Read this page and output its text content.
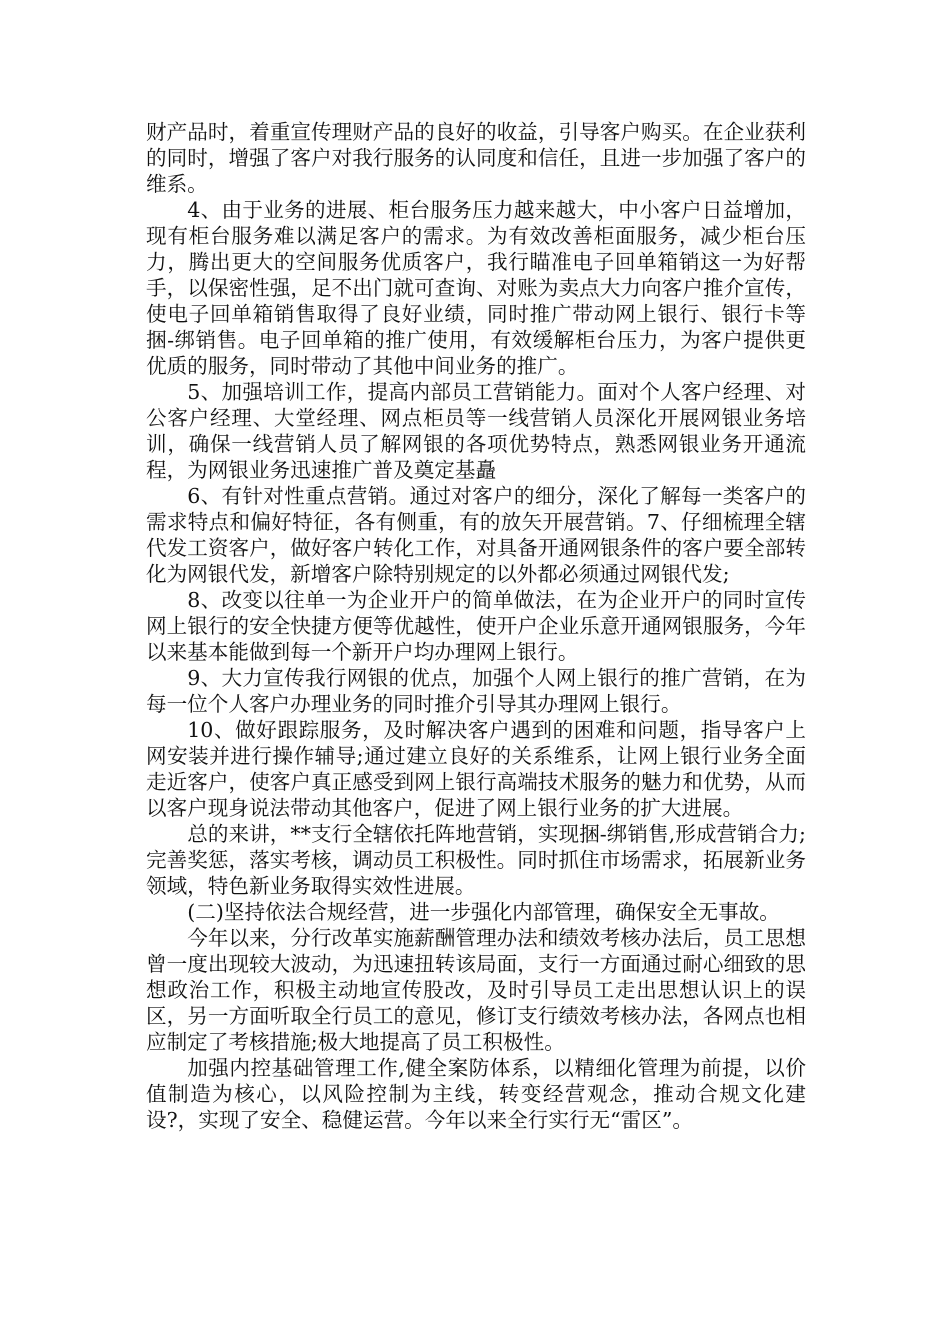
财产品时，着重宣传理财产品的良好的收益，引导客户购买。在企业获利的同时，增强了客户对我行服务的认同度和信任，且进一步加强了客户的维系。

4、由于业务的进展、柜台服务压力越来越大，中小客户日益增加，现有柜台服务难以满足客户的需求。为有效改善柜面服务，减少柜台压力，腾出更大的空间服务优质客户，我行瞄准电子回单箱销这一为好帮手，以保密性强，足不出门就可查询、对账为卖点大力向客户推介宣传，使电子回单箱销售取得了良好业绩，同时推广带动网上银行、银行卡等捆-绑销售。电子回单箱的推广使用，有效缓解柜台压力，为客户提供更优质的服务，同时带动了其他中间业务的推广。

5、加强培训工作，提高内部员工营销能力。面对个人客户经理、对公客户经理、大堂经理、网点柜员等一线营销人员深化开展网银业务培训，确保一线营销人员了解网银的各项优势特点，熟悉网银业务开通流程，为网银业务迅速推广普及奠定基矗

6、有针对性重点营销。通过对客户的细分，深化了解每一类客户的需求特点和偏好特征，各有侧重，有的放矢开展营销。7、仔细梳理全辖代发工资客户，做好客户转化工作，对具备开通网银条件的客户要全部转化为网银代发，新增客户除特别规定的以外都必须通过网银代发;

8、改变以往单一为企业开户的简单做法，在为企业开户的同时宣传网上银行的安全快捷方便等优越性，使开户企业乐意开通网银服务，今年以来基本能做到每一个新开户均办理网上银行。

9、大力宣传我行网银的优点，加强个人网上银行的推广营销，在为每一位个人客户办理业务的同时推介引导其办理网上银行。

10、做好跟踪服务，及时解决客户遇到的困难和问题，指导客户上网安装并进行操作辅导;通过建立良好的关系维系，让网上银行业务全面走近客户，使客户真正感受到网上银行高端技术服务的魅力和优势，从而以客户现身说法带动其他客户，促进了网上银行业务的扩大进展。

总的来讲，**支行全辖依托阵地营销，实现捆-绑销售,形成营销合力;完善奖惩，落实考核，调动员工积极性。同时抓住市场需求，拓展新业务领域，特色新业务取得实效性进展。

(二)坚持依法合规经营，进一步强化内部管理，确保安全无事故。

今年以来，分行改革实施薪酬管理办法和绩效考核办法后，员工思想曾一度出现较大波动，为迅速扭转该局面，支行一方面通过耐心细致的思想政治工作，积极主动地宣传股改，及时引导员工走出思想认识上的误区，另一方面听取全行员工的意见，修订支行绩效考核办法，各网点也相应制定了考核措施;极大地提高了员工积极性。

加强内控基础管理工作,健全案防体系，以精细化管理为前提，以价值制造为核心，以风险控制为主线，转变经营观念，推动合规文化建设?，实现了安全、稳健运营。今年以来全行实行无“雷区”。
